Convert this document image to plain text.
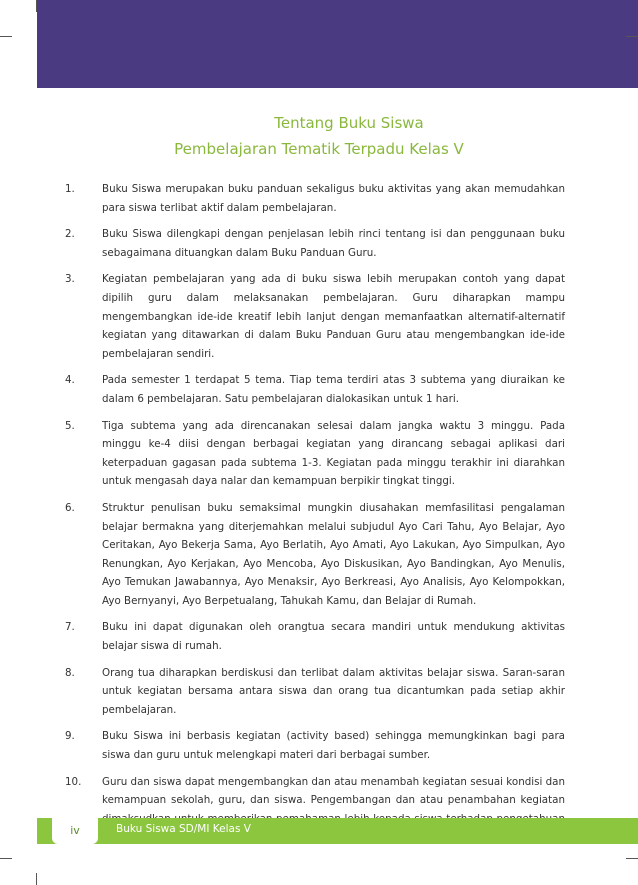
Tentang Buku Siswa
Pembelajaran Tematik Terpadu Kelas V
1.	Buku Siswa merupakan buku panduan sekaligus buku aktivitas yang akan memudahkan para siswa terlibat aktif dalam pembelajaran.
2.	Buku Siswa dilengkapi dengan penjelasan lebih rinci tentang isi dan penggunaan buku sebagaimana dituangkan dalam Buku Panduan Guru.
3.	Kegiatan pembelajaran yang ada di buku siswa lebih merupakan contoh yang dapat dipilih guru dalam melaksanakan pembelajaran. Guru diharapkan mampu mengembangkan ide-ide kreatif lebih lanjut dengan memanfaatkan alternatif-alternatif kegiatan yang ditawarkan di dalam Buku Panduan Guru atau mengembangkan ide-ide pembelajaran sendiri.
4.	Pada semester 1 terdapat 5 tema. Tiap tema terdiri atas 3 subtema yang diuraikan ke dalam 6 pembelajaran. Satu pembelajaran dialokasikan untuk 1 hari.
5.	Tiga subtema yang ada direncanakan selesai dalam jangka waktu 3 minggu. Pada minggu ke-4 diisi dengan berbagai kegiatan yang dirancang sebagai aplikasi dari keterpaduan gagasan pada subtema 1-3. Kegiatan pada minggu terakhir ini diarahkan untuk mengasah daya nalar dan kemampuan berpikir tingkat tinggi.
6.	Struktur penulisan buku semaksimal mungkin diusahakan memfasilitasi pengalaman belajar bermakna yang diterjemahkan melalui subjudul Ayo Cari Tahu, Ayo Belajar, Ayo Ceritakan, Ayo Bekerja Sama, Ayo Berlatih, Ayo Amati, Ayo Lakukan, Ayo Simpulkan, Ayo Renungkan, Ayo Kerjakan, Ayo Mencoba, Ayo Diskusikan, Ayo Bandingkan, Ayo Menulis, Ayo Temukan Jawabannya, Ayo Menaksir, Ayo Berkreasi, Ayo Analisis, Ayo Kelompokkan, Ayo Bernyanyi, Ayo Berpetualang, Tahukah Kamu, dan Belajar di Rumah.
7.	Buku ini dapat digunakan oleh orangtua secara mandiri untuk mendukung aktivitas belajar siswa di rumah.
8.	Orang tua diharapkan berdiskusi dan terlibat dalam aktivitas belajar siswa. Saran-saran untuk kegiatan bersama antara siswa dan orang tua dicantumkan pada setiap akhir pembelajaran.
9.	Buku Siswa ini berbasis kegiatan (activity based) sehingga memungkinkan bagi para siswa dan guru untuk melengkapi materi dari berbagai sumber.
10.	Guru dan siswa dapat mengembangkan dan atau menambah kegiatan sesuai kondisi dan kemampuan sekolah, guru, dan siswa. Pengembangan dan atau penambahan kegiatan
iv	Buku Siswa SD/MI Kelas V
